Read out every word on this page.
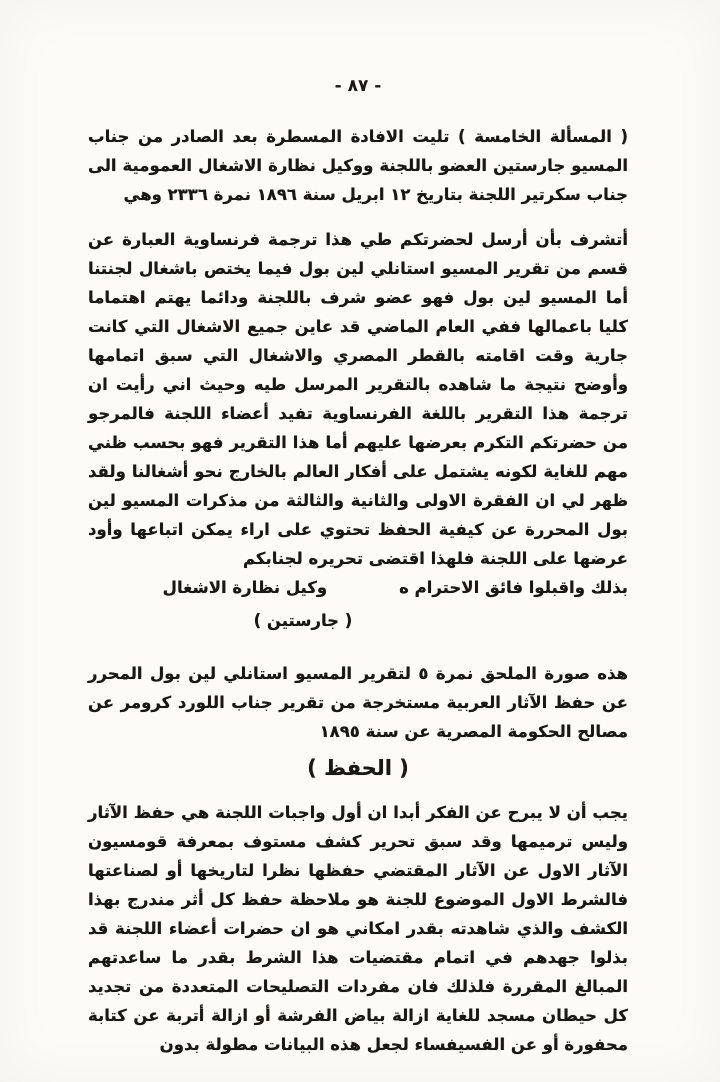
- ٨٧ -

( المسألة الخامسة ) تليت الافادة المسطرة بعد الصادر من جناب المسيو جارستين العضو باللجنة ووكيل نظارة الاشغال العمومية الى جناب سكرتير اللجنة بتاريخ ١٢ ابريل سنة ١٨٩٦ نمرة ٢٣٣٦ وهي

أتشرف بأن أرسل لحضرتكم طي هذا ترجمة فرنساوية العبارة عن قسم من تقرير المسيو استانلي لين بول فيما يختص باشغال لجنتنا أما المسيو لين بول فهو عضو شرف باللجنة ودائما يهتم اهتماما كليا باعمالها ففي العام الماضي قد عاين جميع الاشغال التي كانت جارية وقت اقامته بالقطر المصري والاشغال التي سبق اتمامها وأوضح نتيجة ما شاهده بالتقرير المرسل طيه وحيث اني رأيت ان ترجمة هذا التقرير باللغة الفرنساوية تفيد أعضاء اللجنة فالمرجو من حضرتكم التكرم بعرضها عليهم أما هذا التقرير فهو بحسب ظني مهم للغاية لكونه يشتمل على أفكار العالم بالخارج نحو أشغالنا ولقد ظهر لي ان الفقرة الاولى والثانية والثالثة من مذكرات المسيو لين بول المحررة عن كيفية الحفظ تحتوي على اراء يمكن اتباعها وأود عرضها على اللجنة فلهذا اقتضى تحريره لجنابكم

بذلك واقبلوا فائق الاحترام ه
وكيل نظارة الاشغال
( جارستين )

هذه صورة الملحق نمرة ٥ لتقرير المسيو استانلي لين بول المحرر عن حفظ الآثار العربية مستخرجة من تقرير جناب اللورد كرومر عن مصالح الحكومة المصرية عن سنة ١٨٩٥

( الحفظ )

يجب أن لا يبرح عن الفكر أبدا ان أول واجبات اللجنة هي حفظ الآثار وليس ترميمها وقد سبق تحرير كشف مستوف بمعرفة قومسيون الآثار الاول عن الآثار المقتضي حفظها نظرا لتاريخها أو لصناعتها فالشرط الاول الموضوع للجنة هو ملاحظة حفظ كل أثر مندرج بهذا الكشف والذي شاهدته بقدر امكاني هو ان حضرات أعضاء اللجنة قد بذلوا جهدهم في اتمام مقتضيات هذا الشرط بقدر ما ساعدتهم المبالغ المقررة فلذلك فان مفردات التصليحات المتعددة من تجديد كل حيطان مسجد للغاية ازالة بياض الفرشة أو ازالة أتربة عن كتابة محفورة أو عن الفسيفساء لجعل هذه البيانات مطولة بدون
